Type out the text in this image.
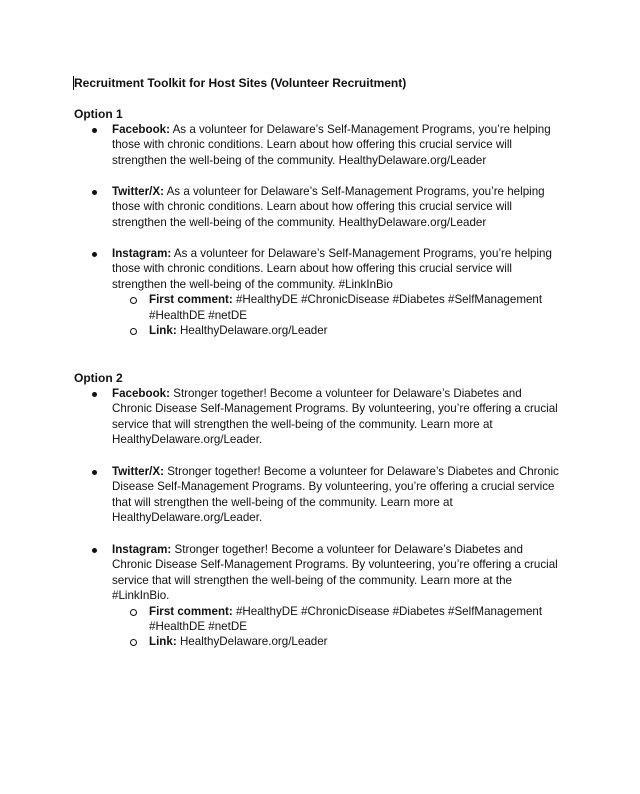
Recruitment Toolkit for Host Sites (Volunteer Recruitment)
Option 1
Facebook: As a volunteer for Delaware’s Self-Management Programs, you’re helping those with chronic conditions. Learn about how offering this crucial service will strengthen the well-being of the community. HealthyDelaware.org/Leader
Twitter/X: As a volunteer for Delaware’s Self-Management Programs, you’re helping those with chronic conditions. Learn about how offering this crucial service will strengthen the well-being of the community. HealthyDelaware.org/Leader
Instagram: As a volunteer for Delaware’s Self-Management Programs, you’re helping those with chronic conditions. Learn about how offering this crucial service will strengthen the well-being of the community. #LinkInBio
First comment: #HealthyDE #ChronicDisease #Diabetes #SelfManagement #HealthDE #netDE
Link: HealthyDelaware.org/Leader
Option 2
Facebook: Stronger together! Become a volunteer for Delaware’s Diabetes and Chronic Disease Self-Management Programs. By volunteering, you’re offering a crucial service that will strengthen the well-being of the community. Learn more at HealthyDelaware.org/Leader.
Twitter/X: Stronger together! Become a volunteer for Delaware’s Diabetes and Chronic Disease Self-Management Programs. By volunteering, you’re offering a crucial service that will strengthen the well-being of the community. Learn more at HealthyDelaware.org/Leader.
Instagram: Stronger together! Become a volunteer for Delaware’s Diabetes and Chronic Disease Self-Management Programs. By volunteering, you’re offering a crucial service that will strengthen the well-being of the community. Learn more at the #LinkInBio.
First comment: #HealthyDE #ChronicDisease #Diabetes #SelfManagement #HealthDE #netDE
Link: HealthyDelaware.org/Leader
